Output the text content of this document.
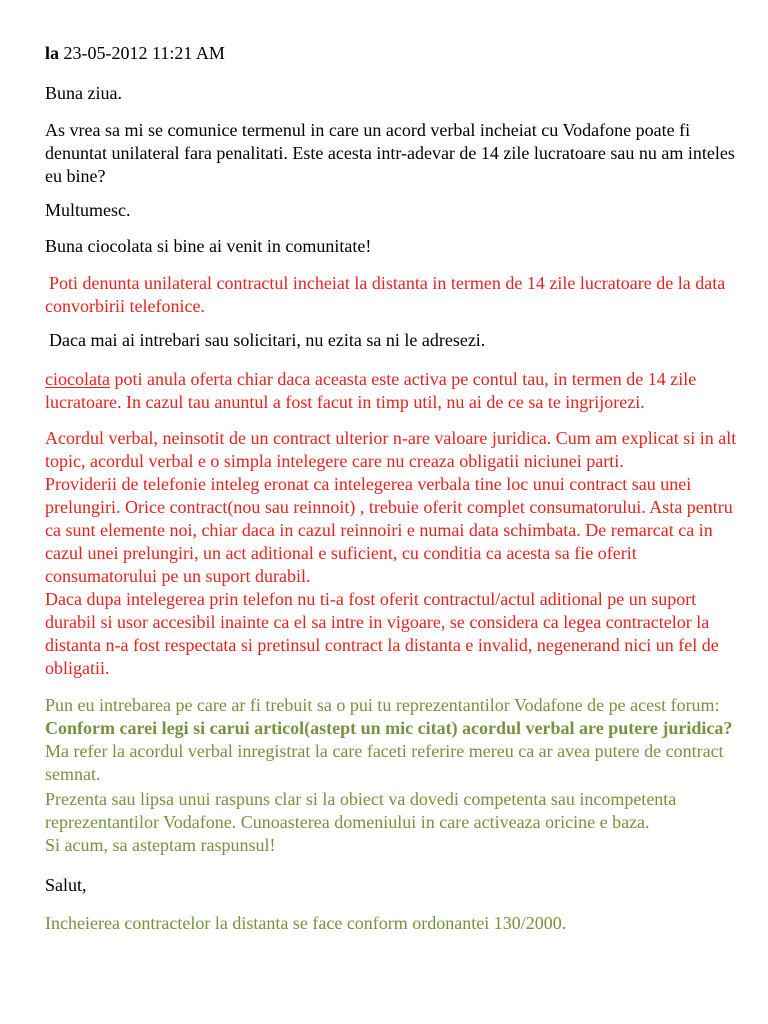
la 23-05-2012 11:21 AM
Buna ziua.
As vrea sa mi se comunice termenul in care un acord verbal incheiat cu Vodafone poate fi
denuntat unilateral fara penalitati. Este acesta intr-adevar de 14 zile lucratoare sau nu am inteles
eu bine?
Multumesc.
Buna ciocolata si bine ai venit in comunitate!
Poti denunta unilateral contractul incheiat la distanta in termen de 14 zile lucratoare de la data
convorbirii telefonice.
Daca mai ai intrebari sau solicitari, nu ezita sa ni le adresezi.
ciocolata poti anula oferta chiar daca aceasta este activa pe contul tau, in termen de 14 zile
lucratoare. In cazul tau anuntul a fost facut in timp util, nu ai de ce sa te ingrijorezi.
Acordul verbal, neinsotit de un contract ulterior n-are valoare juridica. Cum am explicat si in alt
topic, acordul verbal e o simpla intelegere care nu creaza obligatii niciunei parti.
Providerii de telefonie inteleg eronat ca intelegerea verbala tine loc unui contract sau unei
prelungiri. Orice contract(nou sau reinnoit) , trebuie oferit complet consumatorului. Asta pentru
ca sunt elemente noi, chiar daca in cazul reinnoiri e numai data schimbata. De remarcat ca in
cazul unei prelungiri, un act aditional e suficient, cu conditia ca acesta sa fie oferit
consumatorului pe un suport durabil.
Daca dupa intelegerea prin telefon nu ti-a fost oferit contractul/actul aditional pe un suport
durabil si usor accesibil inainte ca el sa intre in vigoare, se considera ca legea contractelor la
distanta n-a fost respectata si pretinsul contract la distanta e invalid, negenerand nici un fel de
obligatii.
Pun eu intrebarea pe care ar fi trebuit sa o pui tu reprezentantilor Vodafone de pe acest forum:
Conform carei legi si carui articol(astept un mic citat) acordul verbal are putere juridica?
Ma refer la acordul verbal inregistrat la care faceti referire mereu ca ar avea putere de contract
semnat.
Prezenta sau lipsa unui raspuns clar si la obiect va dovedi competenta sau incompetenta
reprezentantilor Vodafone. Cunoasterea domeniului in care activeaza oricine e baza.
Si acum, sa asteptam raspunsul!
Salut,
Incheierea contractelor la distanta se face conform ordonantei 130/2000.
